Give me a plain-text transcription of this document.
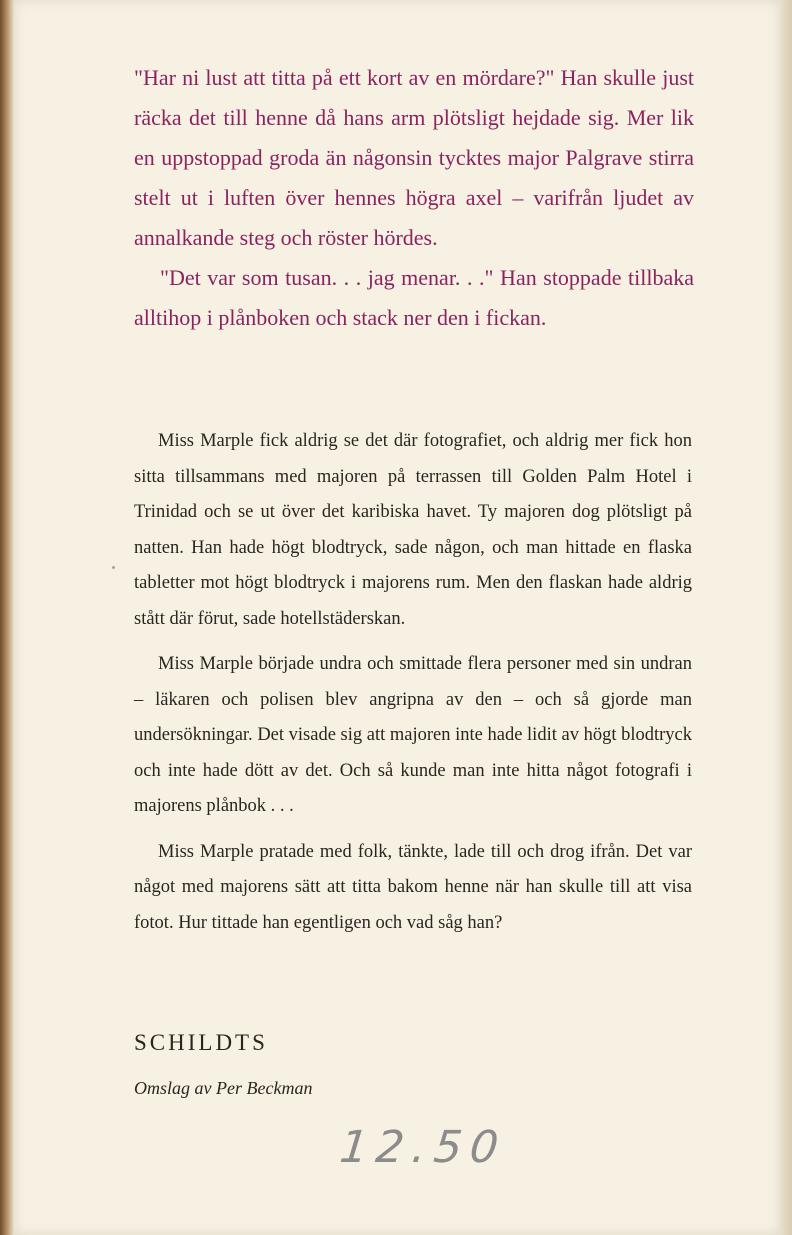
"Har ni lust att titta på ett kort av en mördare?" Han skulle just räcka det till henne då hans arm plötsligt hejdade sig. Mer lik en uppstoppad groda än någonsin tycktes major Palgrave stirra stelt ut i luften över hennes högra axel – varifrån ljudet av annalkande steg och röster hördes.

"Det var som tusan. . . jag menar. . ." Han stoppade tillbaka alltihop i plånboken och stack ner den i fickan.

Miss Marple fick aldrig se det där fotografiet, och aldrig mer fick hon sitta tillsammans med majoren på terrassen till Golden Palm Hotel i Trinidad och se ut över det karibiska havet. Ty majoren dog plötsligt på natten. Han hade högt blodtryck, sade någon, och man hittade en flaska tabletter mot högt blodtryck i majorens rum. Men den flaskan hade aldrig stått där förut, sade hotellstäderskan.

Miss Marple började undra och smittade flera personer med sin undran – läkaren och polisen blev angripna av den – och så gjorde man undersökningar. Det visade sig att majoren inte hade lidit av högt blodtryck och inte hade dött av det. Och så kunde man inte hitta något fotografi i majorens plånbok . . .

Miss Marple pratade med folk, tänkte, lade till och drog ifrån. Det var något med majorens sätt att titta bakom henne när han skulle till att visa fotot. Hur tittade han egentligen och vad såg han?

SCHILDTS
Omslag av Per Beckman
12.50
